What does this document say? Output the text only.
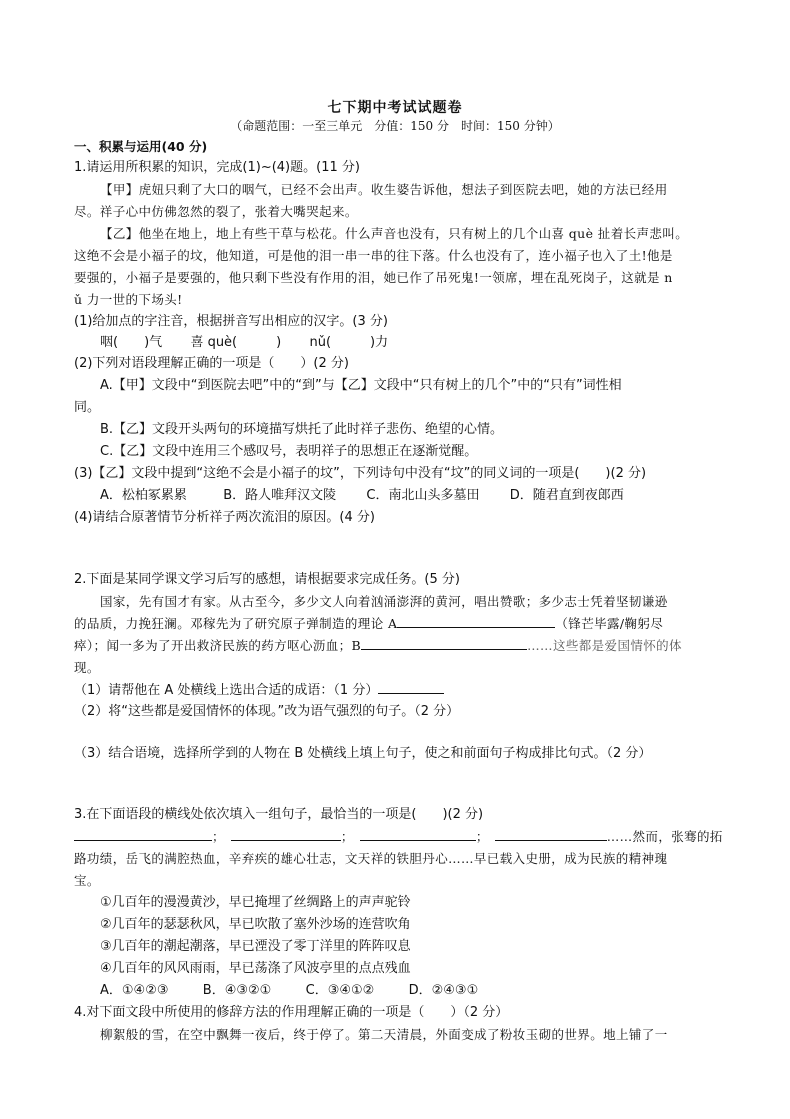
七下期中考试试题卷
（命题范围：一至三单元　分值：150 分　时间：150 分钟）
一、积累与运用(40 分)
1.请运用所积累的知识，完成(1)~(4)题。(11 分)
【甲】虎妞只剩了大口的咽气，已经不会出声。收生婆告诉他，想法子到医院去吧，她的方法已经用
尽。祥子心中仿佛忽然的裂了，张着大嘴哭起来。
【乙】他坐在地上，地上有些干草与松花。什么声音也没有，只有树上的几个山喜 què 扯着长声悲叫。
这绝不会是小福子的坟，他知道，可是他的泪一串一串的往下落。什么也没有了，连小福子也入了土!他是
要强的，小福子是要强的，他只剩下些没有作用的泪，她已作了吊死鬼!一领席，埋在乱死岗子，这就是 n
ǔ 力一世的下场头!
(1)给加点的字注音，根据拼音写出相应的汉字。(3 分)
咽(　　)气 喜 què(　　　) nǔ(　　　)力
(2)下列对语段理解正确的一项是（　　）(2 分)
A.【甲】文段中“到医院去吧”中的“到”与【乙】文段中“只有树上的几个”中的“只有”词性相
同。
B.【乙】文段开头两句的环境描写烘托了此时祥子悲伤、绝望的心情。
C.【乙】文段中连用三个感叹号，表明祥子的思想正在逐渐觉醒。
(3)【乙】文段中提到“这绝不会是小福子的坟”，下列诗句中没有“坟”的同义词的一项是(　　)(2 分)
A．松柏冢累累	B．路人唯拜汉文陵 C．南北山头多墓田 D．随君直到夜郎西
(4)请结合原著情节分析祥子两次流泪的原因。(4 分)
2.下面是某同学课文学习后写的感想，请根据要求完成任务。(5 分)
国家，先有国才有家。从古至今，多少文人向着汹涌澎湃的黄河，唱出赞歌；多少志士凭着坚韧谦逊
的品质，力挽狂澜。邓稼先为了研究原子弹制造的理论 A	（锋芒毕露/鞠躬尽
瘁）；闻一多为了开出救济民族的药方呕心沥血；B	……这些都是爱国情怀的体
现。
（1）请帮他在 A 处横线上选出合适的成语：（1 分）
（2）将“这些都是爱国情怀的体现。”改为语气强烈的句子。（2 分）
（3）结合语境，选择所学到的人物在 B 处横线上填上句子，使之和前面句子构成排比句式。（2 分）
3.在下面语段的横线处依次填入一组句子，最恰当的一项是(　　)(2 分)
；	；	；	……然而，张骞的拓
路功绩，岳飞的满腔热血，辛弃疾的雄心壮志，文天祥的铁胆丹心……早已载入史册，成为民族的精神瑰
宝。
①几百年的漫漫黄沙，早已掩埋了丝绸路上的声声驼铃
②几百年的瑟瑟秋风，早已吹散了塞外沙场的连营吹角
③几百年的潮起潮落，早已湮没了零丁洋里的阵阵叹息
④几百年的风风雨雨，早已荡涤了风波亭里的点点残血
A．①④②③	B．④③②①	C．③④①②	D．②④③①
4.对下面文段中所使用的修辞方法的作用理解正确的一项是（　　）（2 分）
柳絮般的雪，在空中飘舞一夜后，终于停了。第二天清晨，外面变成了粉妆玉砌的世界。地上铺了一
